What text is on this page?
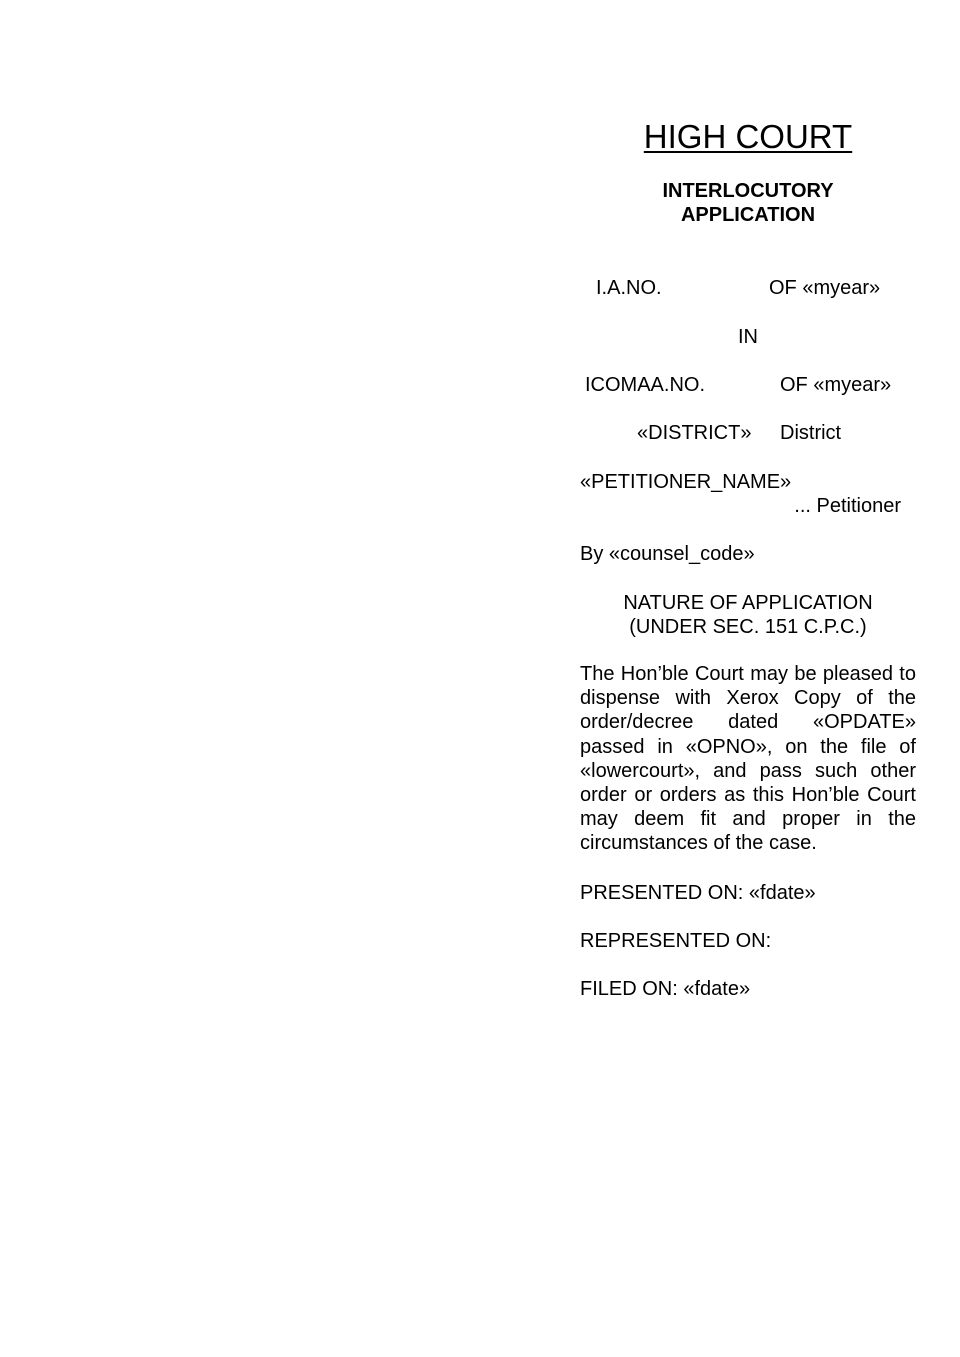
HIGH COURT
INTERLOCUTORY
APPLICATION
I.A.NO.	OF «myear»
IN
ICOMAA.NO.	OF «myear»
«DISTRICT» District
«PETITIONER_NAME»
... Petitioner
By «counsel_code»
NATURE OF APPLICATION
(UNDER SEC. 151 C.P.C.)
The Hon’ble Court may be pleased to dispense with Xerox Copy of the order/decree dated «OPDATE» passed in «OPNO», on the file of «lowercourt», and pass such other order or orders as this Hon’ble Court may deem fit and proper in the circumstances of the case.
PRESENTED ON: «fdate»
REPRESENTED ON:
FILED ON: «fdate»
